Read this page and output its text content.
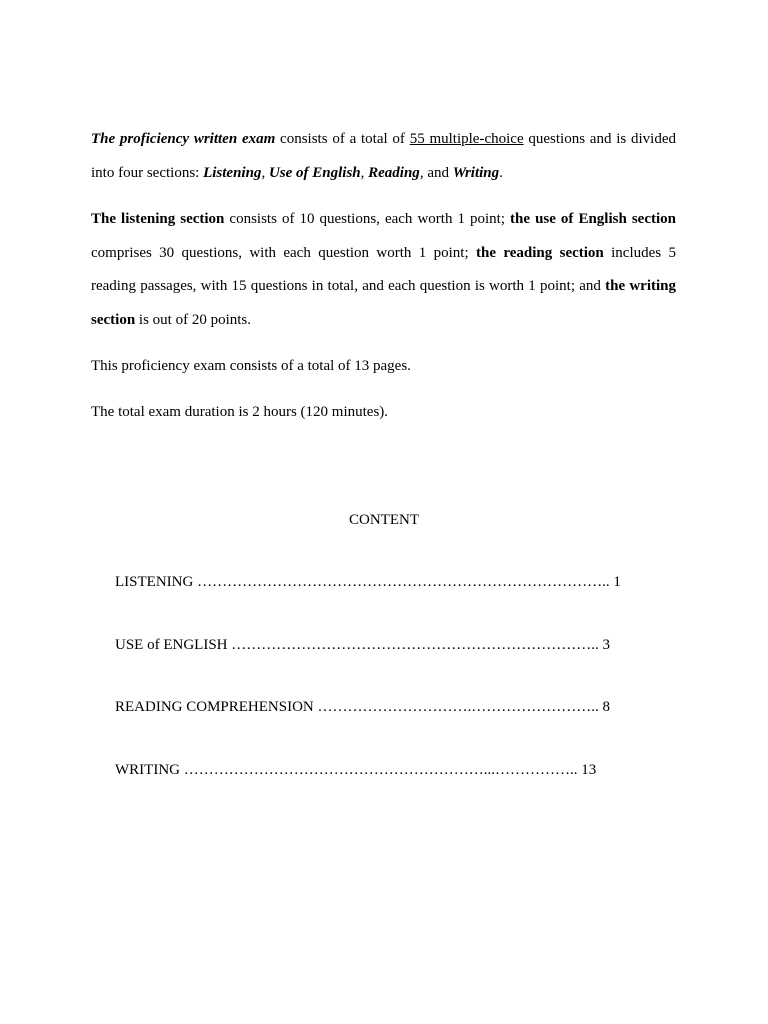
The proficiency written exam consists of a total of 55 multiple-choice questions and is divided into four sections: Listening, Use of English, Reading, and Writing.

The listening section consists of 10 questions, each worth 1 point; the use of English section comprises 30 questions, with each question worth 1 point; the reading section includes 5 reading passages, with 15 questions in total, and each question is worth 1 point; and the writing section is out of 20 points.

This proficiency exam consists of a total of 13 pages.

The total exam duration is 2 hours (120 minutes).

CONTENT
LISTENING ……………………………………………………………………….. 1
USE of ENGLISH ……………………………………………………………….. 3
READING COMPREHENSION ………………………….…………………….. 8
WRITING ……………………………………………………...…………….. 13
